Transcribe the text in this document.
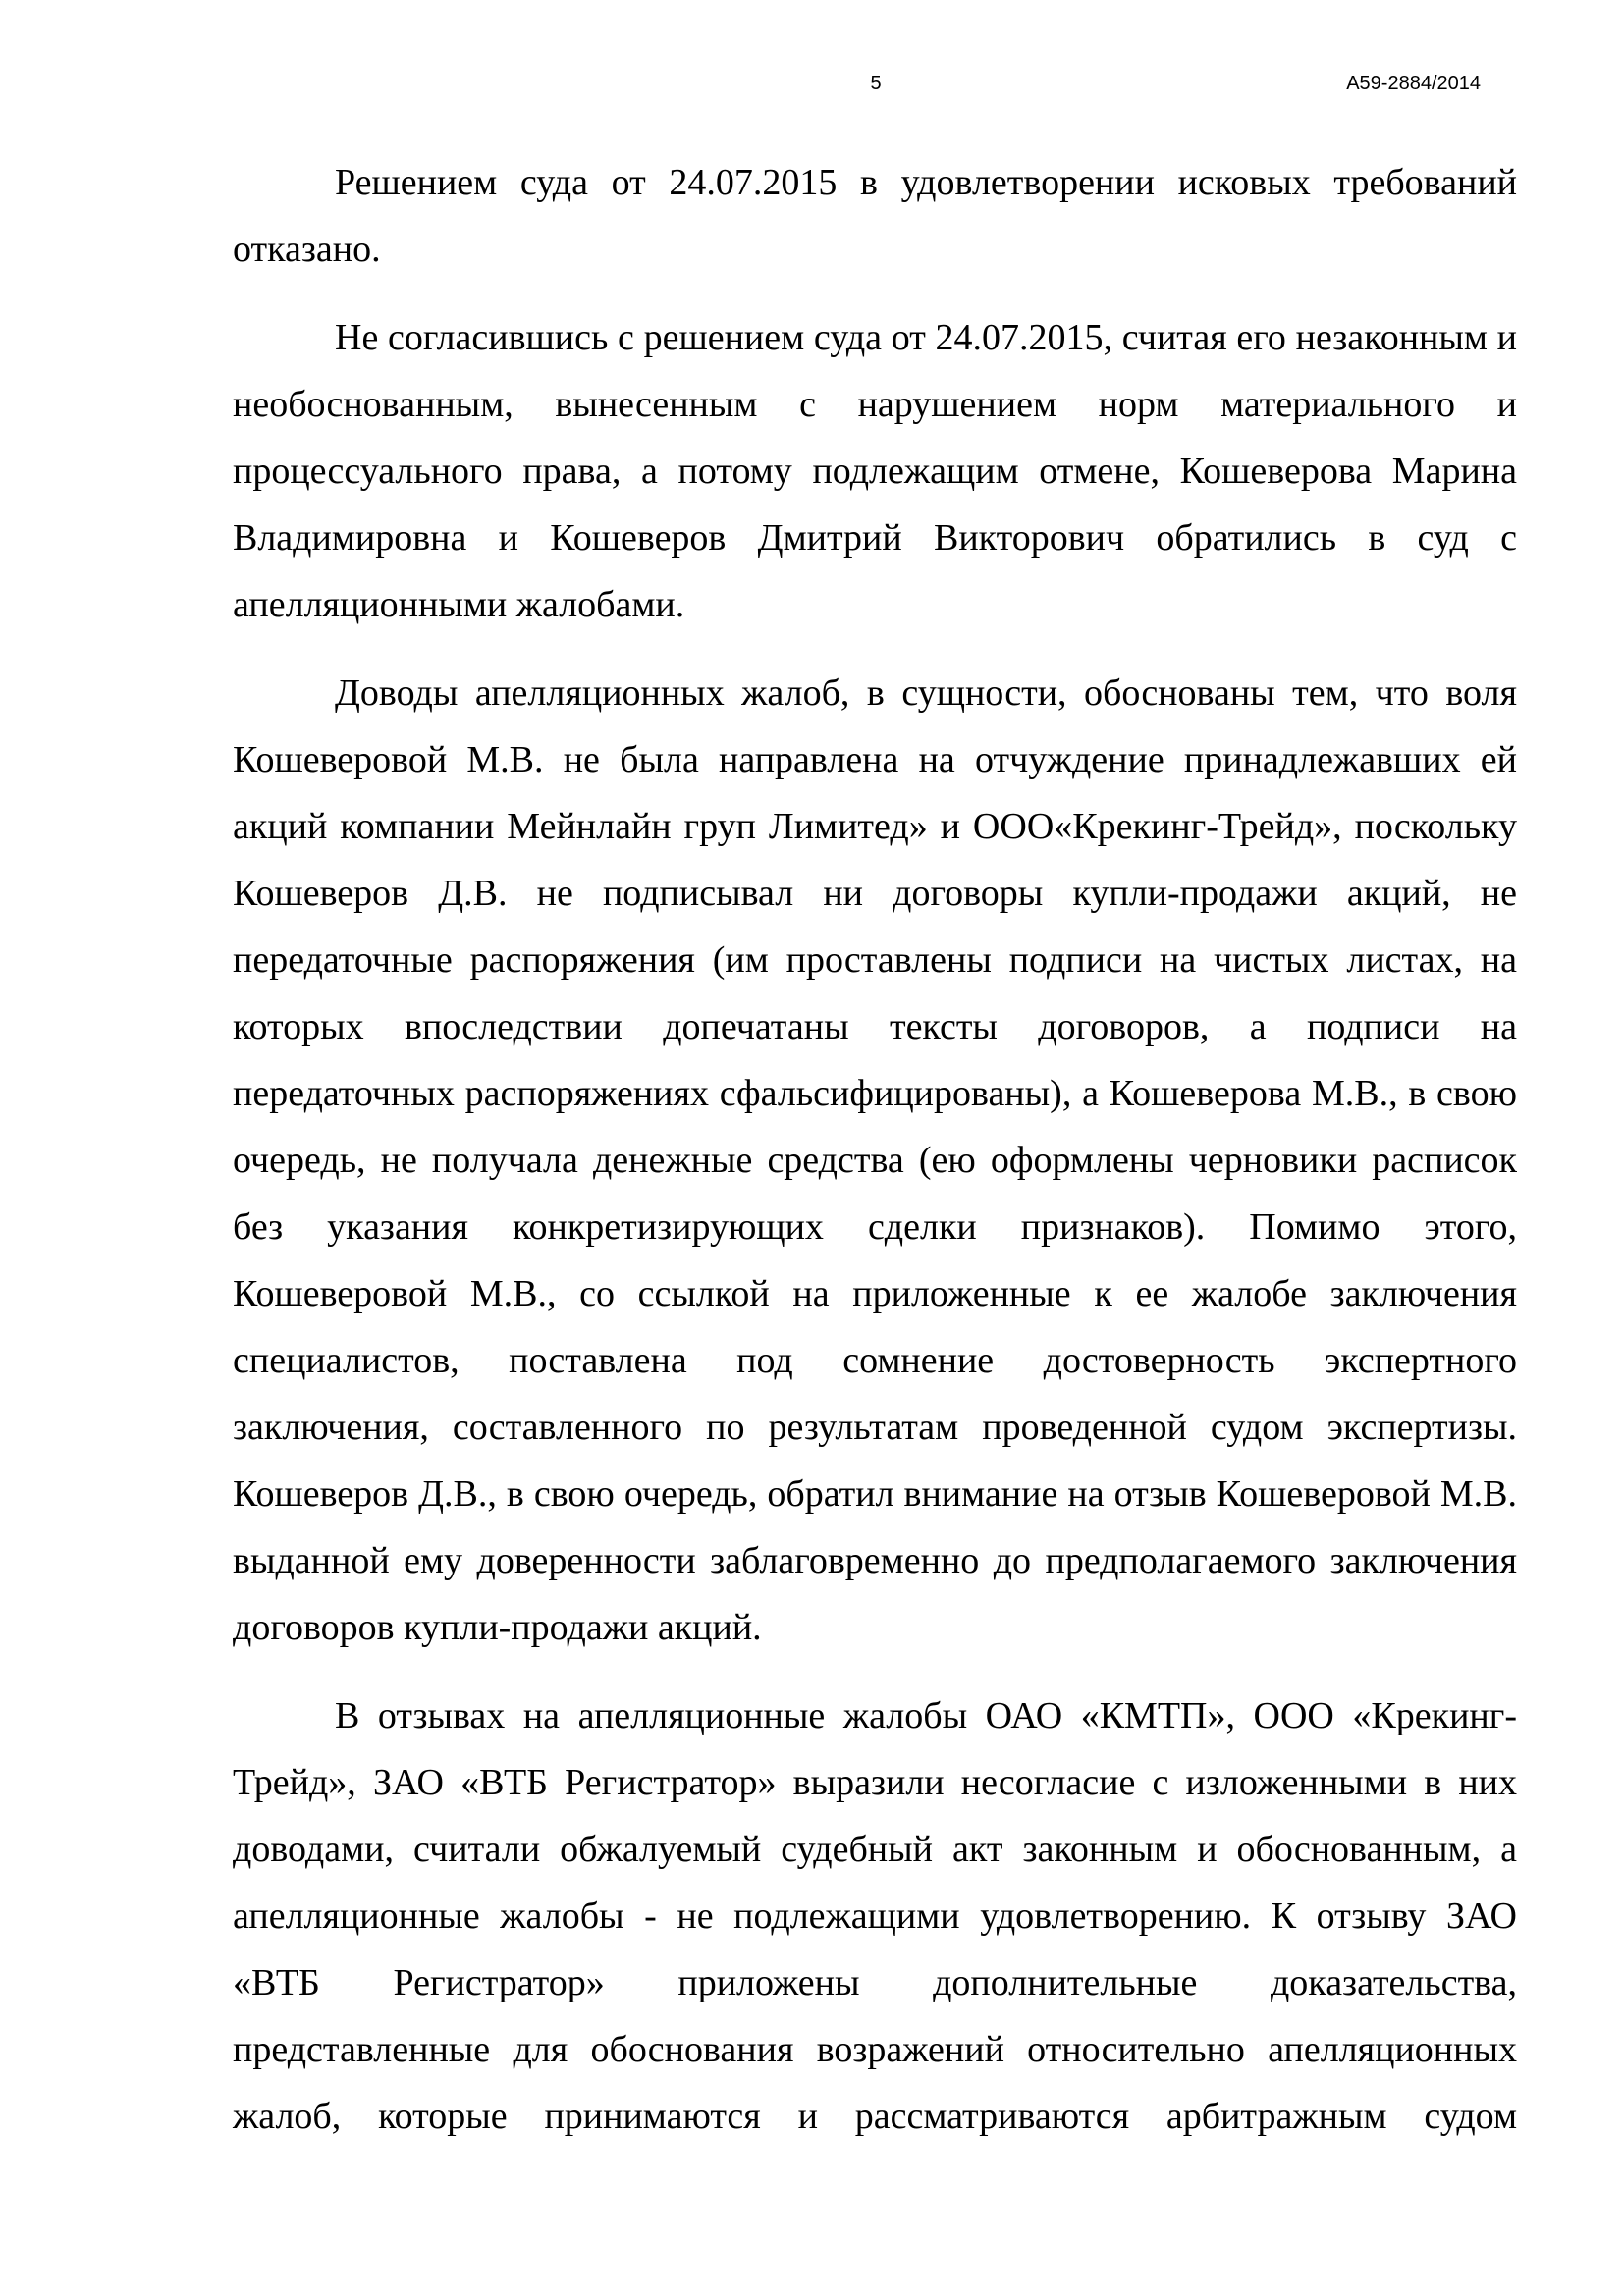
5	А59-2884/2014

Решением суда от 24.07.2015 в удовлетворении исковых требований отказано.

Не согласившись с решением суда от 24.07.2015, считая его незаконным и необоснованным, вынесенным с нарушением норм материального и процессуального права, а потому подлежащим отмене, Кошеверова Марина Владимировна и Кошеверов Дмитрий Викторович обратились в суд с апелляционными жалобами.

Доводы апелляционных жалоб, в сущности, обоснованы тем, что воля Кошеверовой М.В. не была направлена на отчуждение принадлежавших ей акций компании Мейнлайн груп Лимитед» и ООО«Крекинг-Трейд», поскольку Кошеверов Д.В. не подписывал ни договоры купли-продажи акций, не передаточные распоряжения (им проставлены подписи на чистых листах, на которых впоследствии допечатаны тексты договоров, а подписи на передаточных распоряжениях сфальсифицированы), а Кошеверова М.В., в свою очередь, не получала денежные средства (ею оформлены черновики расписок без указания конкретизирующих сделки признаков). Помимо этого, Кошеверовой М.В., со ссылкой на приложенные к ее жалобе заключения специалистов, поставлена под сомнение достоверность экспертного заключения, составленного по результатам проведенной судом экспертизы. Кошеверов Д.В., в свою очередь, обратил внимание на отзыв Кошеверовой М.В. выданной ему доверенности заблаговременно до предполагаемого заключения договоров купли-продажи акций.

В отзывах на апелляционные жалобы ОАО «КМТП», ООО «Крекинг-Трейд», ЗАО «ВТБ Регистратор» выразили несогласие с изложенными в них доводами, считали обжалуемый судебный акт законным и обоснованным, а апелляционные жалобы - не подлежащими удовлетворению. К отзыву ЗАО «ВТБ Регистратор» приложены дополнительные доказательства, представленные для обоснования возражений относительно апелляционных жалоб, которые принимаются и рассматриваются арбитражным судом
